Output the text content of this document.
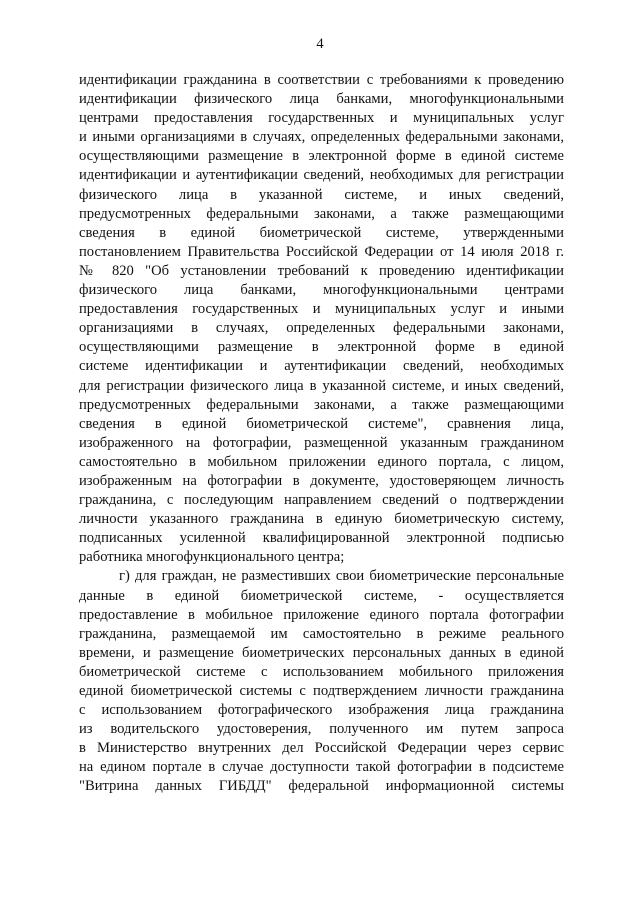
4
идентификации гражданина в соответствии с требованиями к проведению
идентификации физического лица банками, многофункциональными
центрами предоставления государственных и муниципальных услуг
и иными организациями в случаях, определенных федеральными законами,
осуществляющими размещение в электронной форме в единой системе
идентификации и аутентификации сведений, необходимых для регистрации
физического лица в указанной системе, и иных сведений,
предусмотренных федеральными законами, а также размещающими
сведения в единой биометрической системе, утвержденными
постановлением Правительства Российской Федерации от 14 июля 2018 г.
№ 820 "Об установлении требований к проведению идентификации
физического лица банками, многофункциональными центрами
предоставления государственных и муниципальных услуг и иными
организациями в случаях, определенных федеральными законами,
осуществляющими размещение в электронной форме в единой
системе идентификации и аутентификации сведений, необходимых
для регистрации физического лица в указанной системе, и иных сведений,
предусмотренных федеральными законами, а также размещающими
сведения в единой биометрической системе", сравнения лица,
изображенного на фотографии, размещенной указанным гражданином
самостоятельно в мобильном приложении единого портала, с лицом,
изображенным на фотографии в документе, удостоверяющем личность
гражданина, с последующим направлением сведений о подтверждении
личности указанного гражданина в единую биометрическую систему,
подписанных усиленной квалифицированной электронной подписью
работника многофункционального центра;
г) для граждан, не разместивших свои биометрические персональные
данные в единой биометрической системе, - осуществляется
предоставление в мобильное приложение единого портала фотографии
гражданина, размещаемой им самостоятельно в режиме реального
времени, и размещение биометрических персональных данных в единой
биометрической системе с использованием мобильного приложения
единой биометрической системы с подтверждением личности гражданина
с использованием фотографического изображения лица гражданина
из водительского удостоверения, полученного им путем запроса
в Министерство внутренних дел Российской Федерации через сервис
на едином портале в случае доступности такой фотографии в подсистеме
"Витрина данных ГИБДД" федеральной информационной системы
